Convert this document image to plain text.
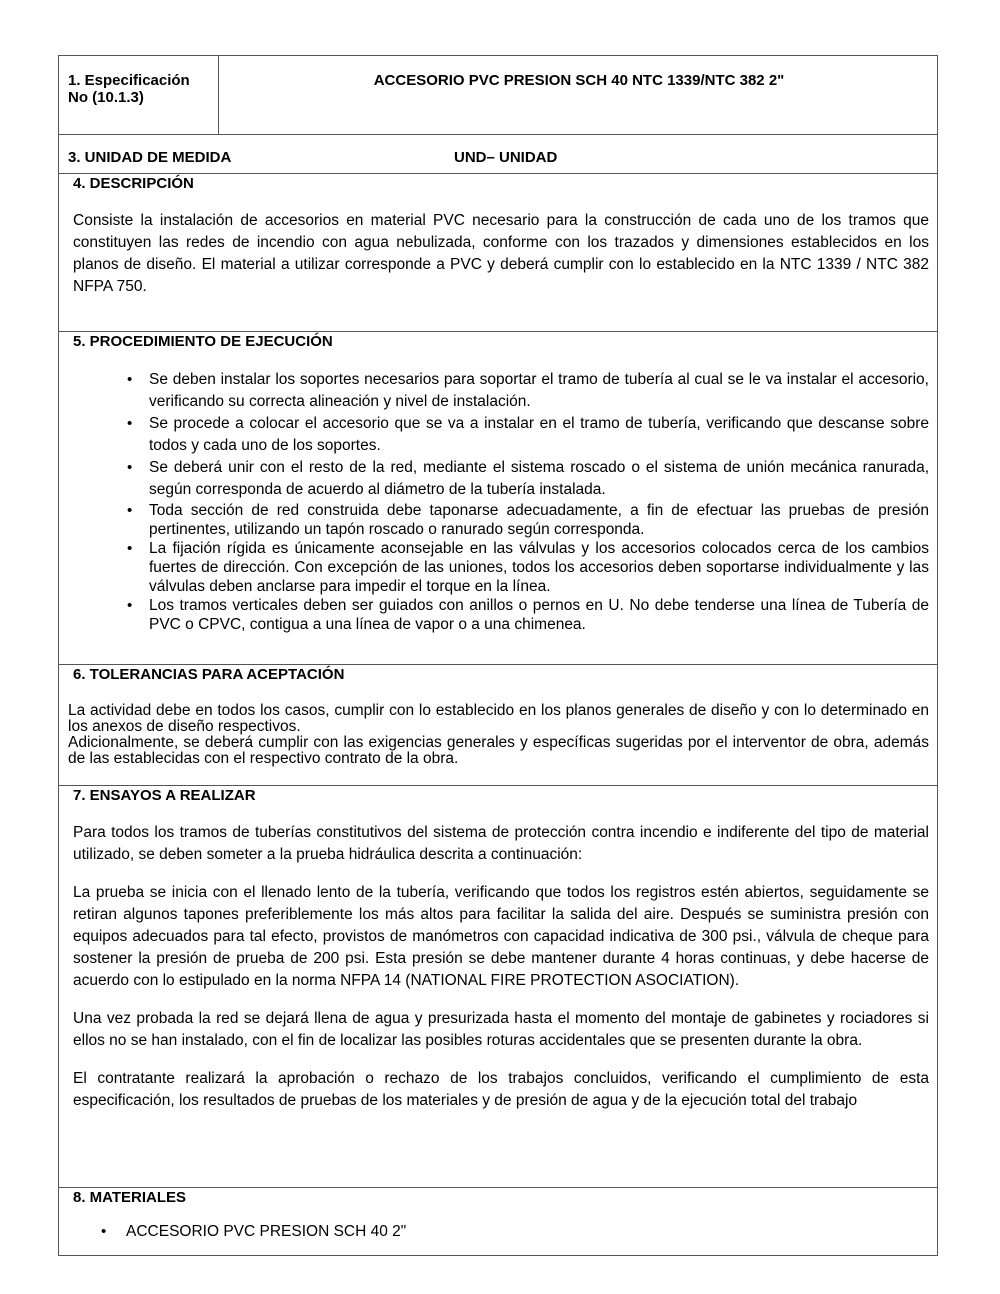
1. Especificación
No (10.1.3)
ACCESORIO PVC PRESION SCH 40 NTC 1339/NTC 382 2"
3. UNIDAD DE MEDIDA	UND– UNIDAD
4. DESCRIPCIÓN

Consiste la instalación de accesorios en material PVC necesario para la construcción de cada uno de los tramos que constituyen las redes de incendio con agua nebulizada, conforme con los trazados y dimensiones establecidos en los planos de diseño. El material a utilizar corresponde a PVC y deberá cumplir con lo establecido en la NTC 1339 / NTC 382 NFPA 750.

5. PROCEDIMIENTO DE EJECUCIÓN
• Se deben instalar los soportes necesarios para soportar el tramo de tubería al cual se le va instalar el accesorio, verificando su correcta alineación y nivel de instalación.
• Se procede a colocar el accesorio que se va a instalar en el tramo de tubería, verificando que descanse sobre todos y cada uno de los soportes.
• Se deberá unir con el resto de la red, mediante el sistema roscado o el sistema de unión mecánica ranurada, según corresponda de acuerdo al diámetro de la tubería instalada.
• Toda sección de red construida debe taponarse adecuadamente, a fin de efectuar las pruebas de presión pertinentes, utilizando un tapón roscado o ranurado según corresponda.
• La fijación rígida es únicamente aconsejable en las válvulas y los accesorios colocados cerca de los cambios fuertes de dirección. Con excepción de las uniones, todos los accesorios deben soportarse individualmente y las válvulas deben anclarse para impedir el torque en la línea.
• Los tramos verticales deben ser guiados con anillos o pernos en U. No debe tenderse una línea de Tubería de PVC o CPVC, contigua a una línea de vapor o a una chimenea.
6. TOLERANCIAS PARA ACEPTACIÓN

La actividad debe en todos los casos, cumplir con lo establecido en los planos generales de diseño y con lo determinado en los anexos de diseño respectivos.

Adicionalmente, se deberá cumplir con las exigencias generales y específicas sugeridas por el interventor de obra, además de las establecidas con el respectivo contrato de la obra.

7. ENSAYOS A REALIZAR

Para todos los tramos de tuberías constitutivos del sistema de protección contra incendio e indiferente del tipo de material utilizado, se deben someter a la prueba hidráulica descrita a continuación:

La prueba se inicia con el llenado lento de la tubería, verificando que todos los registros estén abiertos, seguidamente se retiran algunos tapones preferiblemente los más altos para facilitar la salida del aire. Después se suministra presión con equipos adecuados para tal efecto, provistos de manómetros con capacidad indicativa de 300 psi., válvula de cheque para sostener la presión de prueba de 200 psi. Esta presión se debe mantener durante 4 horas continuas, y debe hacerse de acuerdo con lo estipulado en la norma NFPA 14 (NATIONAL FIRE PROTECTION ASOCIATION).

Una vez probada la red se dejará llena de agua y presurizada hasta el momento del montaje de gabinetes y rociadores si ellos no se han instalado, con el fin de localizar las posibles roturas accidentales que se presenten durante la obra.

El contratante realizará la aprobación o rechazo de los trabajos concluidos, verificando el cumplimiento de esta especificación, los resultados de pruebas de los materiales y de presión de agua y de la ejecución total del trabajo

8. MATERIALES
• ACCESORIO PVC PRESION SCH 40 2"
